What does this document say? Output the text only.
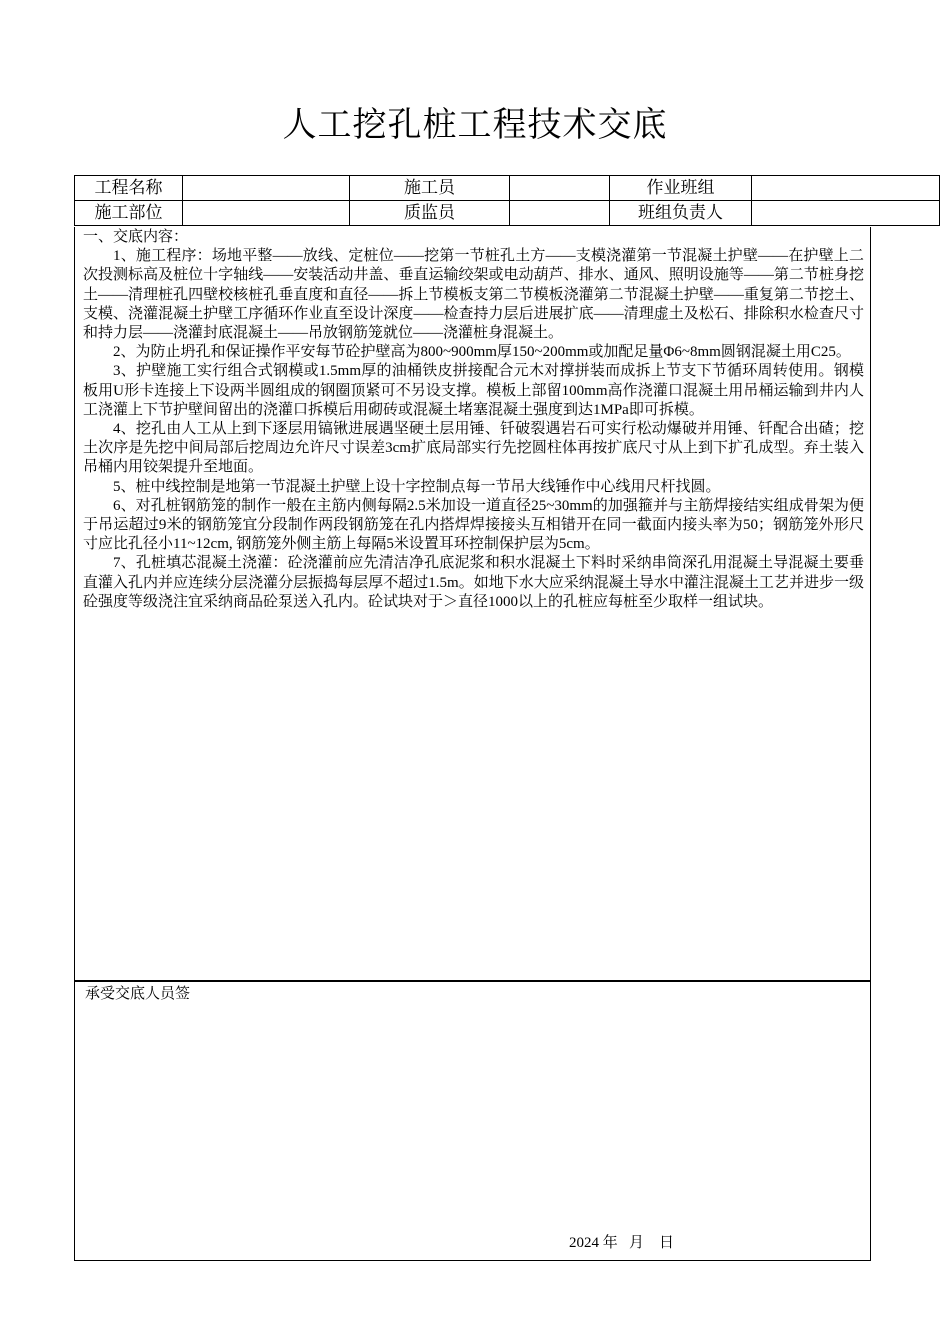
人工挖孔桩工程技术交底
工程名称		施工员		作业班组	
施工部位		质监员		班组负责人	

一、交底内容：

1、施工程序：场地平整——放线、定桩位——挖第一节桩孔土方——支模浇灌第一节混凝土护壁——在护壁上二次投测标高及桩位十字轴线——安装活动井盖、垂直运输绞架或电动葫芦、排水、通风、照明设施等——第二节桩身挖土——清理桩孔四壁校核桩孔垂直度和直径——拆上节模板支第二节模板浇灌第二节混凝土护壁——重复第二节挖土、支模、浇灌混凝土护壁工序循环作业直至设计深度——检查持力层后进展扩底——清理虚土及松石、排除积水检查尺寸和持力层——浇灌封底混凝土——吊放钢筋笼就位——浇灌桩身混凝土。

2、为防止坍孔和保证操作平安每节砼护壁高为800~900mm厚150~200mm或加配足量Φ6~8mm圆钢混凝土用C25。

3、护壁施工实行组合式钢模或1.5mm厚的油桶铁皮拼接配合元木对撑拼装而成拆上节支下节循环周转使用。钢模板用U形卡连接上下设两半圆组成的钢圈顶紧可不另设支撑。模板上部留100mm高作浇灌口混凝土用吊桶运输到井内人工浇灌上下节护壁间留出的浇灌口拆模后用砌砖或混凝土堵塞混凝土强度到达1MPa即可拆模。

4、挖孔由人工从上到下逐层用镐锹进展遇坚硬土层用锤、钎破裂遇岩石可实行松动爆破并用锤、钎配合出碴；挖土次序是先挖中间局部后挖周边允许尺寸误差3cm扩底局部实行先挖圆柱体再按扩底尺寸从上到下扩孔成型。弃土装入吊桶内用铰架提升至地面。

5、桩中线控制是地第一节混凝土护壁上设十字控制点每一节吊大线锤作中心线用尺杆找圆。

6、对孔桩钢筋笼的制作一般在主筋内侧每隔2.5米加设一道直径25~30mm的加强箍并与主筋焊接结实组成骨架为便于吊运超过9米的钢筋笼宜分段制作两段钢筋笼在孔内搭焊焊接接头互相错开在同一截面内接头率为50；钢筋笼外形尺寸应比孔径小11~12cm, 钢筋笼外侧主筋上每隔5米设置耳环控制保护层为5cm。

7、孔桩填芯混凝土浇灌：砼浇灌前应先清洁净孔底泥浆和积水混凝土下料时采纳串筒深孔用混凝土导混凝土要垂直灌入孔内并应连续分层浇灌分层振捣每层厚不超过1.5m。如地下水大应采纳混凝土导水中灌注混凝土工艺并进步一级砼强度等级浇注宜采纳商品砼泵送入孔内。砼试块对于＞直径1000以上的孔桩应每桩至少取样一组试块。

承受交底人员签
2024 年   月    日
